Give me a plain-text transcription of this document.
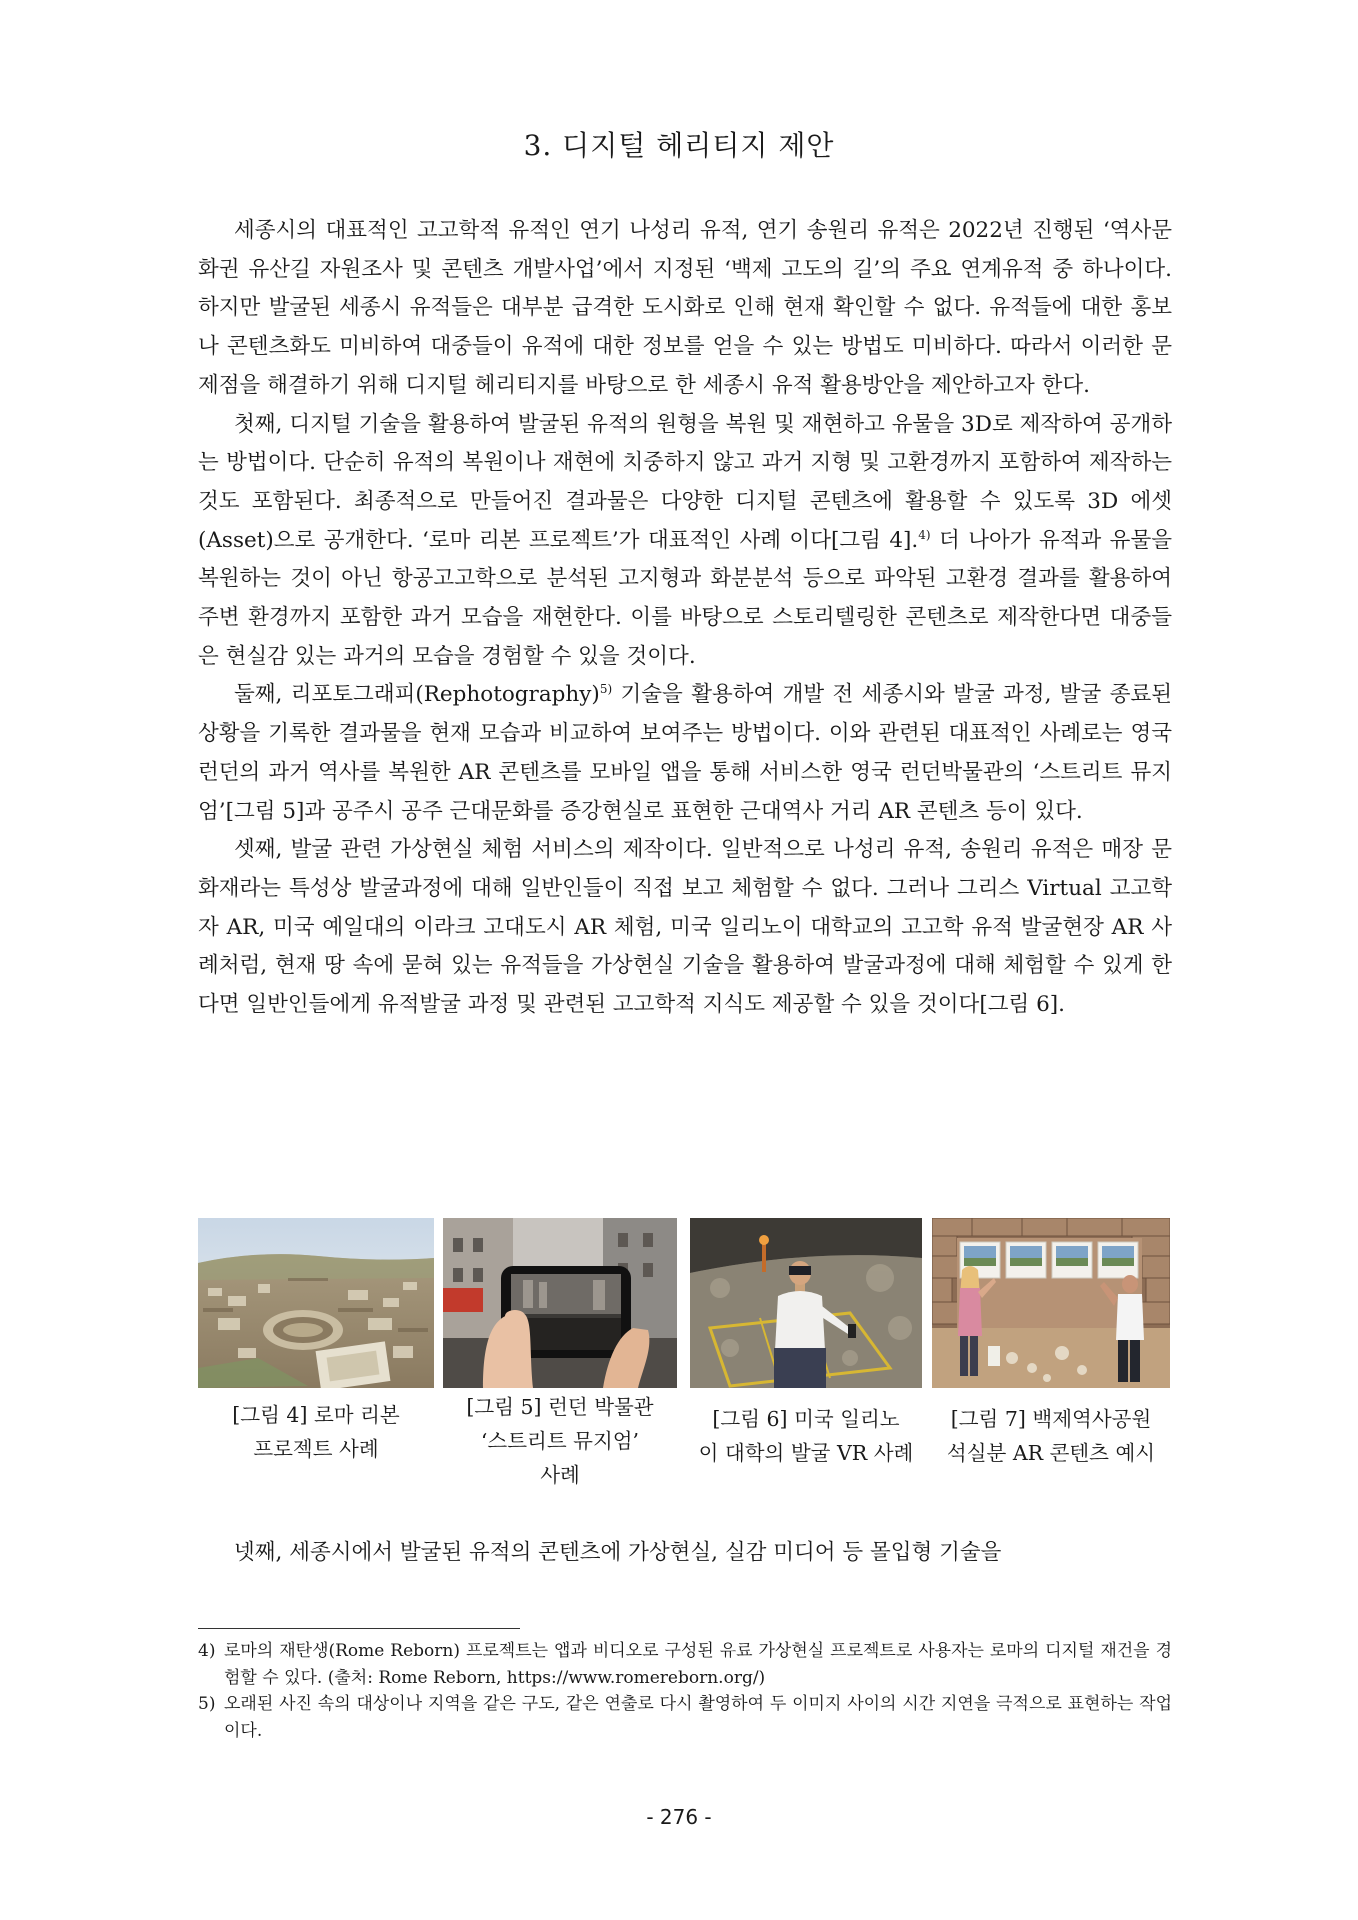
3. 디지털 헤리티지 제안

세종시의 대표적인 고고학적 유적인 연기 나성리 유적, 연기 송원리 유적은 2022년 진행된 ‘역사문화권 유산길 자원조사 및 콘텐츠 개발사업’에서 지정된 ‘백제 고도의 길’의 주요 연계유적 중 하나이다. 하지만 발굴된 세종시 유적들은 대부분 급격한 도시화로 인해 현재 확인할 수 없다. 유적들에 대한 홍보나 콘텐츠화도 미비하여 대중들이 유적에 대한 정보를 얻을 수 있는 방법도 미비하다. 따라서 이러한 문제점을 해결하기 위해 디지털 헤리티지를 바탕으로 한 세종시 유적 활용방안을 제안하고자 한다.

첫째, 디지털 기술을 활용하여 발굴된 유적의 원형을 복원 및 재현하고 유물을 3D로 제작하여 공개하는 방법이다. 단순히 유적의 복원이나 재현에 치중하지 않고 과거 지형 및 고환경까지 포함하여 제작하는 것도 포함된다. 최종적으로 만들어진 결과물은 다양한 디지털 콘텐츠에 활용할 수 있도록 3D 에셋(Asset)으로 공개한다. ‘로마 리본 프로젝트’가 대표적인 사례 이다[그림 4].$^{4)}$ 더 나아가 유적과 유물을 복원하는 것이 아닌 항공고고학으로 분석된 고지형과 화분분석 등으로 파악된 고환경 결과를 활용하여 주변 환경까지 포함한 과거 모습을 재현한다. 이를 바탕으로 스토리텔링한 콘텐츠로 제작한다면 대중들은 현실감 있는 과거의 모습을 경험할 수 있을 것이다.

둘째, 리포토그래피(Rephotography)$^{5)}$ 기술을 활용하여 개발 전 세종시와 발굴 과정, 발굴 종료된 상황을 기록한 결과물을 현재 모습과 비교하여 보여주는 방법이다. 이와 관련된 대표적인 사례로는 영국 런던의 과거 역사를 복원한 AR 콘텐츠를 모바일 앱을 통해 서비스한 영국 런던박물관의 ‘스트리트 뮤지엄’[그림 5]과 공주시 공주 근대문화를 증강현실로 표현한 근대역사 거리 AR 콘텐츠 등이 있다.

셋째, 발굴 관련 가상현실 체험 서비스의 제작이다. 일반적으로 나성리 유적, 송원리 유적은 매장 문화재라는 특성상 발굴과정에 대해 일반인들이 직접 보고 체험할 수 없다. 그러나 그리스 Virtual 고고학자 AR, 미국 예일대의 이라크 고대도시 AR 체험, 미국 일리노이 대학교의 고고학 유적 발굴현장 AR 사례처럼, 현재 땅 속에 묻혀 있는 유적들을 가상현실 기술을 활용하여 발굴과정에 대해 체험할 수 있게 한다면 일반인들에게 유적발굴 과정 및 관련된 고고학적 지식도 제공할 수 있을 것이다[그림 6].

[그림 4] 로마 리본
프로젝트 사례
[그림 5] 런던 박물관
‘스트리트 뮤지엄’
사례
[그림 6] 미국 일리노
이 대학의 발굴 VR 사례
[그림 7] 백제역사공원
석실분 AR 콘텐츠 예시

넷째, 세종시에서 발굴된 유적의 콘텐츠에 가상현실, 실감 미디어 등 몰입형 기술을

4) 로마의 재탄생(Rome Reborn) 프로젝트는 앱과 비디오로 구성된 유료 가상현실 프로젝트로 사용자는 로마의 디지털 재건을 경험할 수 있다. (출처: Rome Reborn, https://www.romereborn.org/)
5) 오래된 사진 속의 대상이나 지역을 같은 구도, 같은 연출로 다시 촬영하여 두 이미지 사이의 시간 지연을 극적으로 표현하는 작업이다.
- 276 -
